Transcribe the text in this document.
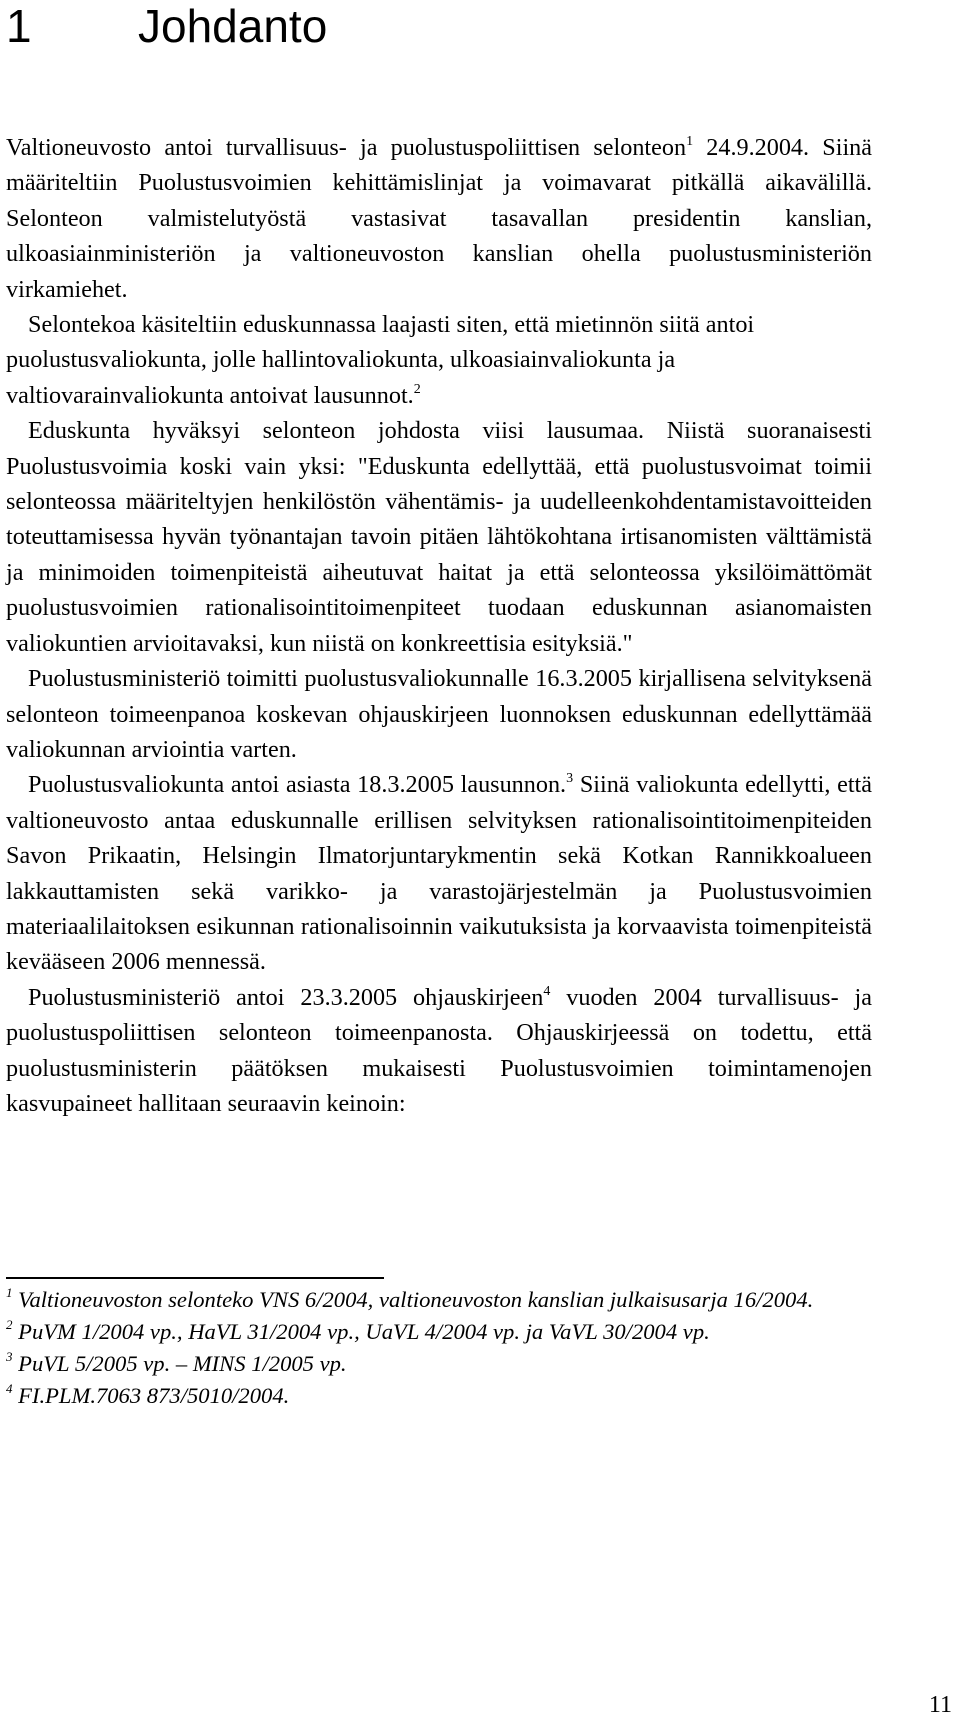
1 Johdanto

Valtioneuvosto antoi turvallisuus- ja puolustuspoliittisen selonteon$^1$ 24.9.2004. Siinä määriteltiin Puolustusvoimien kehittämislinjat ja voimavarat pitkällä aikavälillä. Selonteon valmistelutyöstä vastasivat tasavallan presidentin kanslian, ulkoasiainministeriön ja valtioneuvoston kanslian ohella puolustusministeriön virkamiehet.

Selontekoa käsiteltiin eduskunnassa laajasti siten, että mietinnön siitä antoi puolustusvaliokunta, jolle hallintovaliokunta, ulkoasiainvaliokunta ja valtiovarainvaliokunta antoivat lausunnot.$^2$

Eduskunta hyväksyi selonteon johdosta viisi lausumaa. Niistä suoranaisesti Puolustusvoimia koski vain yksi: "Eduskunta edellyttää, että puolustusvoimat toimii selonteossa määriteltyjen henkilöstön vähentämis- ja uudelleenkohdentamistavoitteiden toteuttamisessa hyvän työnantajan tavoin pitäen lähtökohtana irtisanomisten välttämistä ja minimoiden toimenpiteistä aiheutuvat haitat ja että selonteossa yksilöimättömät puolustusvoimien rationalisointitoimenpiteet tuodaan eduskunnan asianomaisten valiokuntien arvioitavaksi, kun niistä on konkreettisia esityksiä."

Puolustusministeriö toimitti puolustusvaliokunnalle 16.3.2005 kirjallisena selvityksenä selonteon toimeenpanoa koskevan ohjauskirjeen luonnoksen eduskunnan edellyttämää valiokunnan arviointia varten.

Puolustusvaliokunta antoi asiasta 18.3.2005 lausunnon.$^3$ Siinä valiokunta edellytti, että valtioneuvosto antaa eduskunnalle erillisen selvityksen rationalisointitoimenpiteiden Savon Prikaatin, Helsingin Ilmatorjuntarykmentin sekä Kotkan Rannikkoalueen lakkauttamisten sekä varikko- ja varastojärjestelmän ja Puolustusvoimien materiaalilaitoksen esikunnan rationalisoinnin vaikutuksista ja korvaavista toimenpiteistä kevääseen 2006 mennessä.

Puolustusministeriö antoi 23.3.2005 ohjauskirjeen$^4$ vuoden 2004 turvallisuus- ja puolustuspoliittisen selonteon toimeenpanosta. Ohjauskirjeessä on todettu, että puolustusministerin päätöksen mukaisesti Puolustusvoimien toimintamenojen kasvupaineet hallitaan seuraavin keinoin:

$^1$ Valtioneuvoston selonteko VNS 6/2004, valtioneuvoston kanslian julkaisusarja 16/2004.

$^2$ PuVM 1/2004 vp., HaVL 31/2004 vp., UaVL 4/2004 vp. ja VaVL 30/2004 vp.

$^3$ PuVL 5/2005 vp. – MINS 1/2005 vp.

$^4$ FI.PLM.7063 873/5010/2004.

11
